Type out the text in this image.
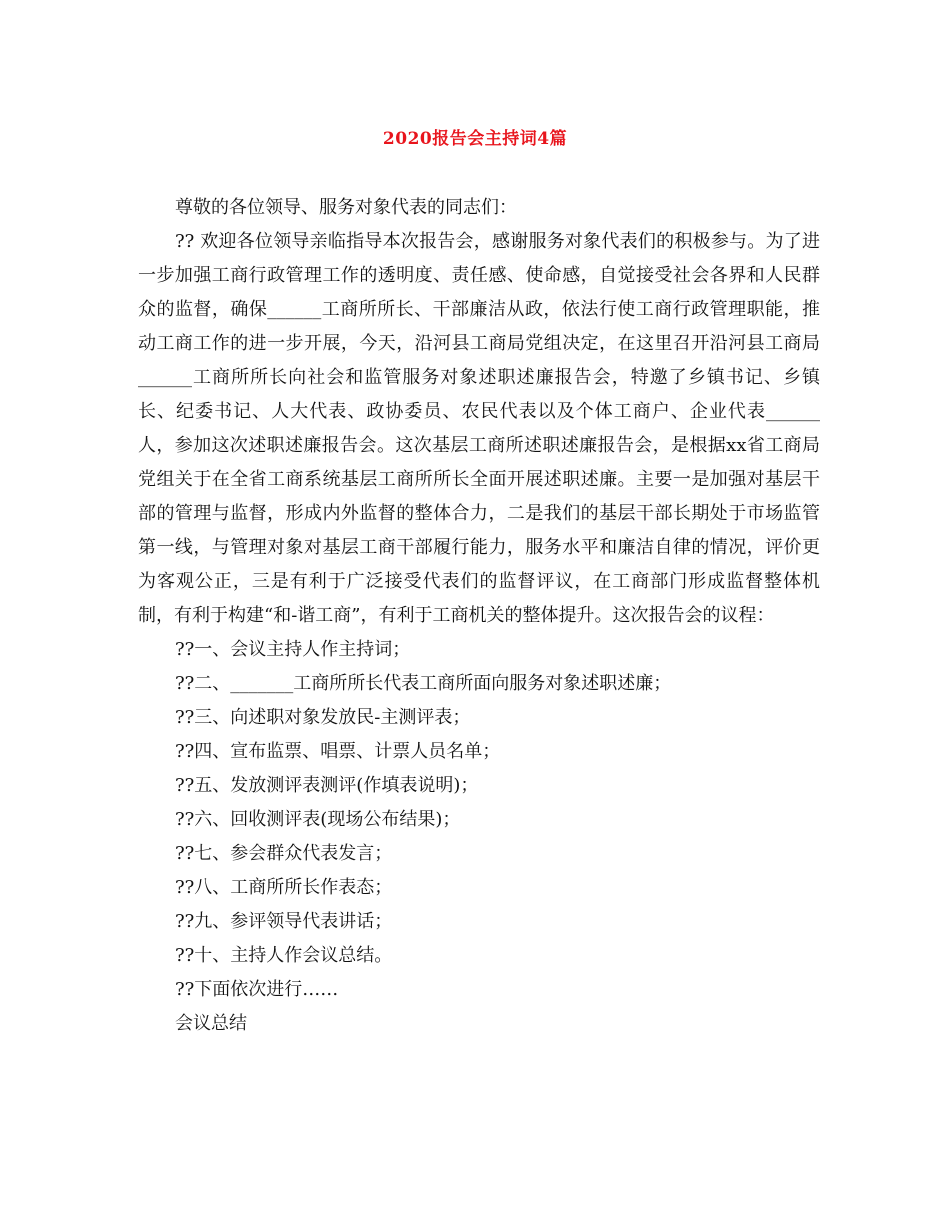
2020报告会主持词4篇

尊敬的各位领导、服务对象代表的同志们：

?? 欢迎各位领导亲临指导本次报告会，感谢服务对象代表们的积极参与。为了进一步加强工商行政管理工作的透明度、责任感、使命感，自觉接受社会各界和人民群众的监督，确保______工商所所长、干部廉洁从政，依法行使工商行政管理职能，推动工商工作的进一步开展，今天，沿河县工商局党组决定，在这里召开沿河县工商局______工商所所长向社会和监管服务对象述职述廉报告会，特邀了乡镇书记、乡镇长、纪委书记、人大代表、政协委员、农民代表以及个体工商户、企业代表______人，参加这次述职述廉报告会。这次基层工商所述职述廉报告会，是根据xx省工商局党组关于在全省工商系统基层工商所所长全面开展述职述廉。主要一是加强对基层干部的管理与监督，形成内外监督的整体合力，二是我们的基层干部长期处于市场监管第一线，与管理对象对基层工商干部履行能力，服务水平和廉洁自律的情况，评价更为客观公正，三是有利于广泛接受代表们的监督评议，在工商部门形成监督整体机制，有利于构建“和-谐工商”，有利于工商机关的整体提升。这次报告会的议程：

??一、会议主持人作主持词；

??二、_______工商所所长代表工商所面向服务对象述职述廉；

??三、向述职对象发放民-主测评表；

??四、宣布监票、唱票、计票人员名单；

??五、发放测评表测评(作填表说明)；

??六、回收测评表(现场公布结果)；

??七、参会群众代表发言；

??八、工商所所长作表态；

??九、参评领导代表讲话；

??十、主持人作会议总结。

??下面依次进行……

会议总结
